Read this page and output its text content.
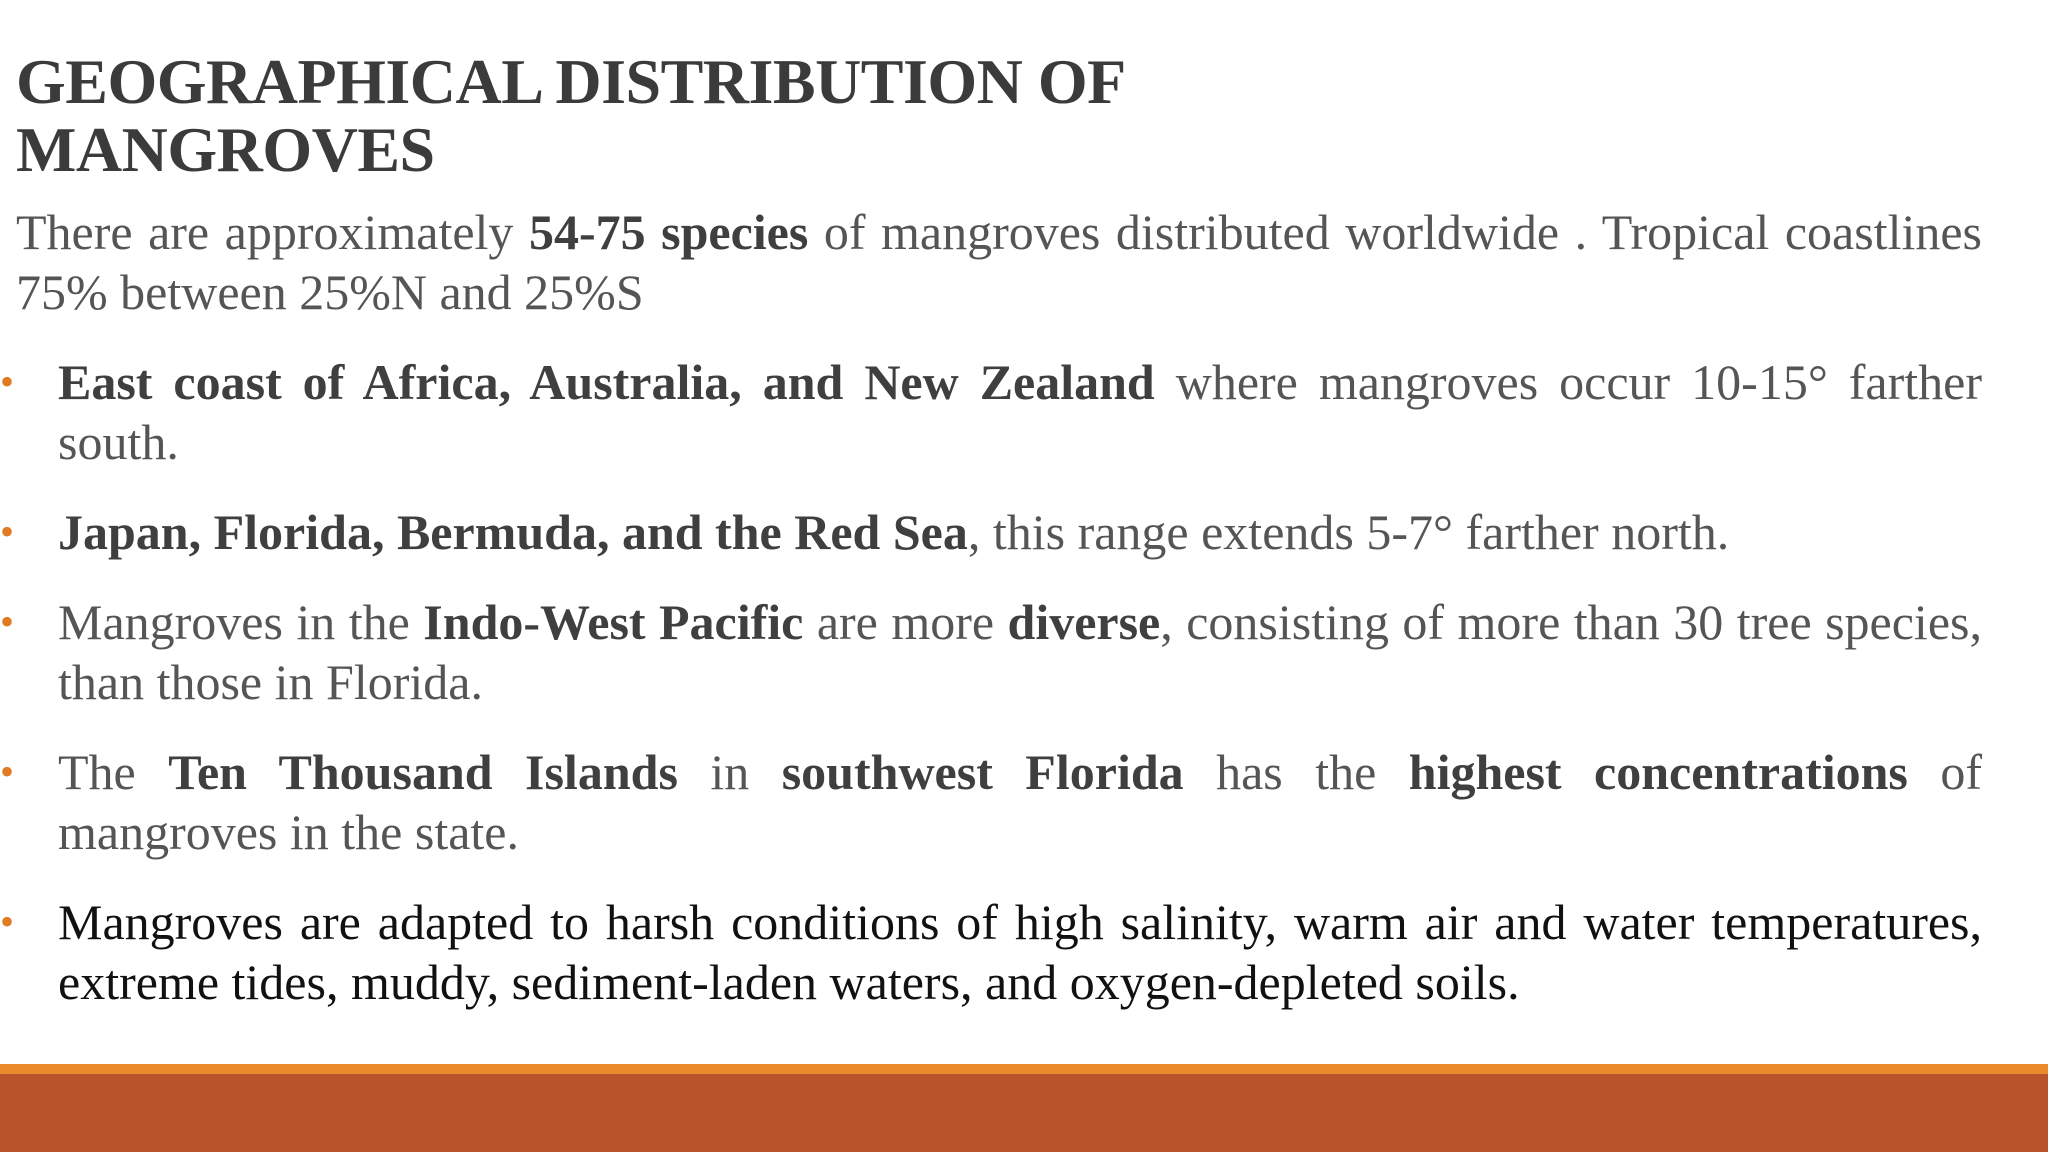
GEOGRAPHICAL DISTRIBUTION OF
MANGROVES

There are approximately 54-75 species of mangroves distributed worldwide . Tropical coastlines 75% between 25%N and 25%S

• East coast of Africa, Australia, and New Zealand where mangroves occur 10-15° farther south.
• Japan, Florida, Bermuda, and the Red Sea, this range extends 5-7° farther north.
• Mangroves in the Indo-West Pacific are more diverse, consisting of more than 30 tree species, than those in Florida.
• The Ten Thousand Islands in southwest Florida has the highest concentrations of mangroves in the state.
• Mangroves are adapted to harsh conditions of high salinity, warm air and water temperatures, extreme tides, muddy, sediment-laden waters, and oxygen-depleted soils.
